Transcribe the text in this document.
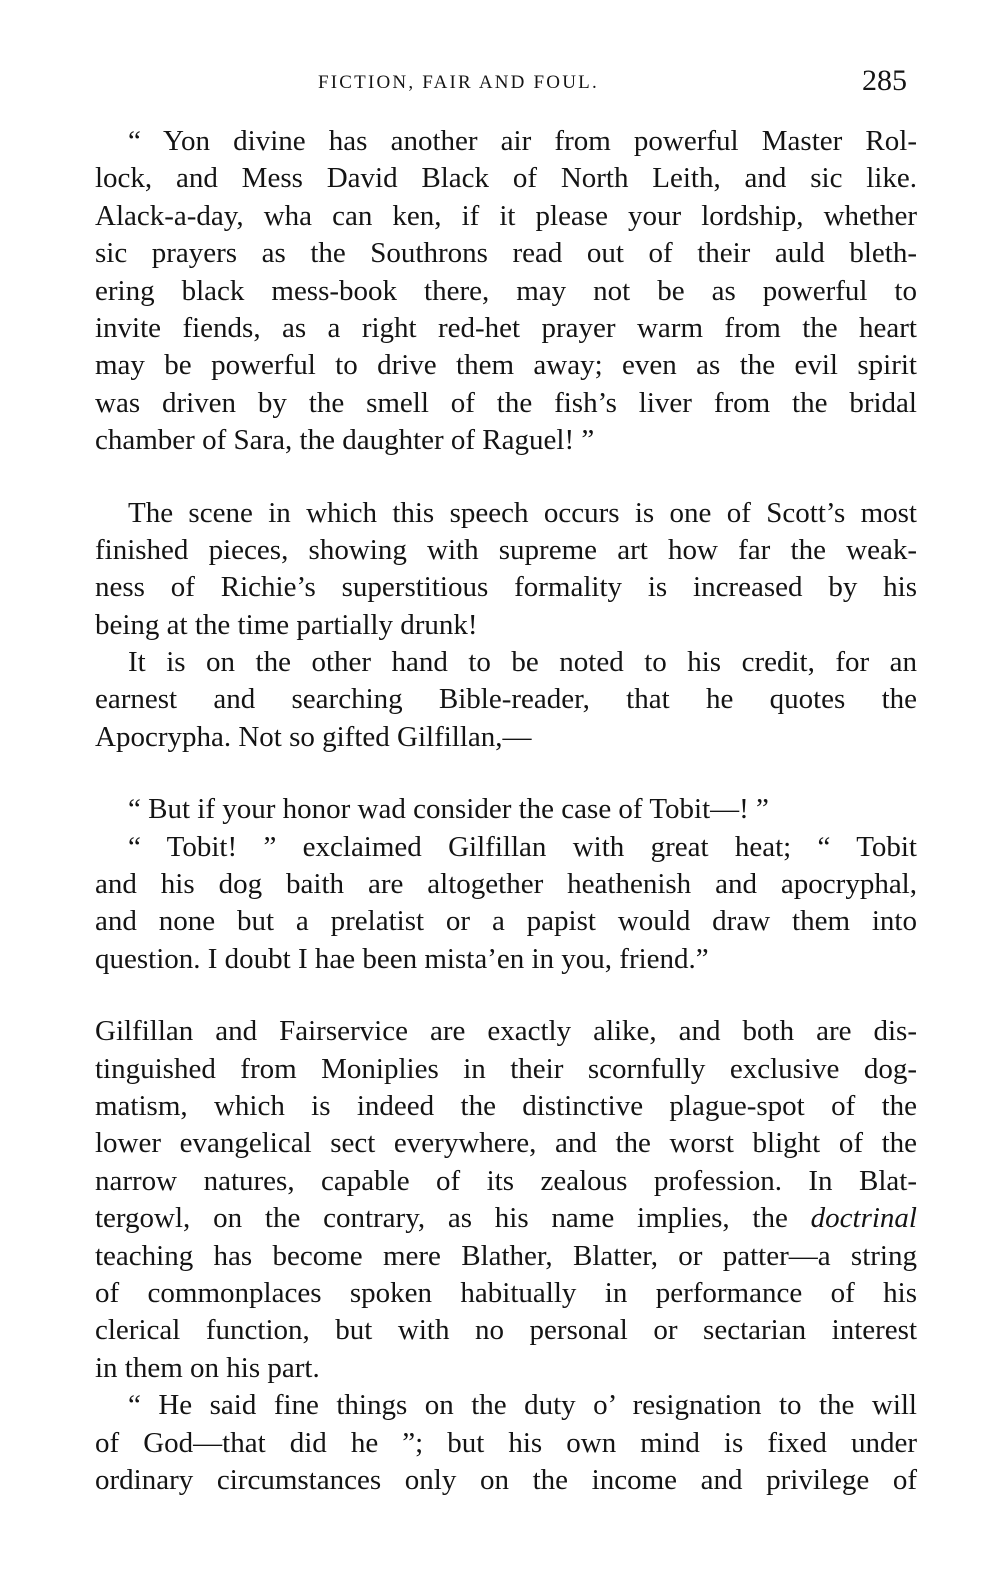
FICTION, FAIR AND FOUL.	285
“ Yon divine has another air from powerful Master Rol-
lock, and Mess David Black of North Leith, and sic like.
Alack-a-day, wha can ken, if it please your lordship, whether
sic prayers as the Southrons read out of their auld bleth-
ering black mess-book there, may not be as powerful to
invite fiends, as a right red-het prayer warm from the heart
may be powerful to drive them away; even as the evil spirit
was driven by the smell of the fish’s liver from the bridal
chamber of Sara, the daughter of Raguel! ”
The scene in which this speech occurs is one of Scott’s most
finished pieces, showing with supreme art how far the weak-
ness of Richie’s superstitious formality is increased by his
being at the time partially drunk!
It is on the other hand to be noted to his credit, for an
earnest and searching Bible-reader, that he quotes the
Apocrypha. Not so gifted Gilfillan,—
“ But if your honor wad consider the case of Tobit—! ”
“ Tobit! ” exclaimed Gilfillan with great heat; “ Tobit
and his dog baith are altogether heathenish and apocryphal,
and none but a prelatist or a papist would draw them into
question. I doubt I hae been mista’en in you, friend.”
Gilfillan and Fairservice are exactly alike, and both are dis-
tinguished from Moniplies in their scornfully exclusive dog-
matism, which is indeed the distinctive plague-spot of the
lower evangelical sect everywhere, and the worst blight of the
narrow natures, capable of its zealous profession. In Blat-
tergowl, on the contrary, as his name implies, the doctrinal
teaching has become mere Blather, Blatter, or patter—a string
of commonplaces spoken habitually in performance of his
clerical function, but with no personal or sectarian interest
in them on his part.
“ He said fine things on the duty o’ resignation to the will
of God—that did he ”; but his own mind is fixed under
ordinary circumstances only on the income and privilege of
